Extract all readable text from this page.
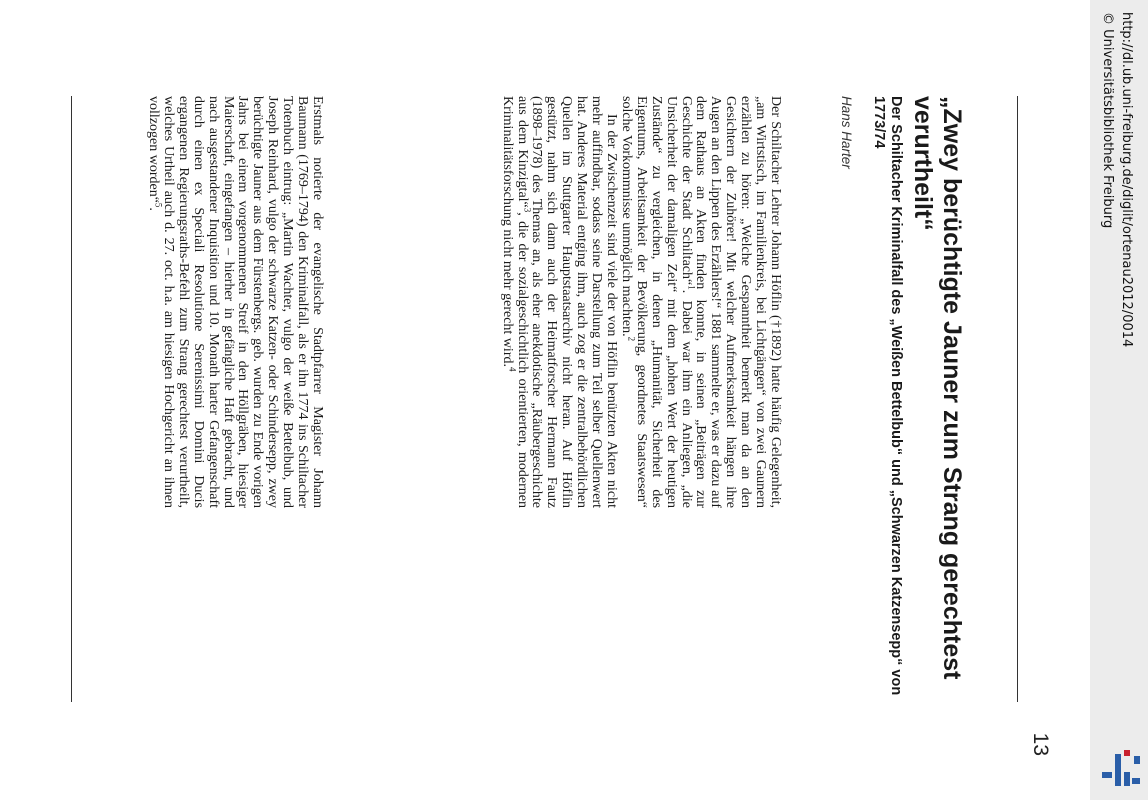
13
„Zwey berüchtigte Jauner zum Strang gerechtest verurtheilt“
Der Schiltacher Kriminalfall des „Weißen Bettelbub“ und „Schwarzen Katzensepp“ von 1773/74
Hans Harter

Der Schiltacher Lehrer Johann Höflin (†1892) hatte häufig Gelegenheit, „am Wirtstisch, im Familienkreis, bei Lichtgängen“ von zwei Gaunern erzählen zu hören: „Welche Gespanntheit bemerkt man da an den Gesichtern der Zuhörer! Mit welcher Aufmerksamkeit hängen ihre Augen an den Lippen des Erzählers!“ 1881 sammelte er, was er dazu auf dem Rathaus an Akten finden konnte, in seinen „Beiträgen zur Geschichte der Stadt Schiltach“$^1$. Dabei war ihm ein Anliegen, „die Unsicherheit der damaligen Zeit“ mit dem „hohen Wert der heutigen Zustände“ zu vergleichen, in denen „Humanität, Sicherheit des Eigentums, Arbeitsamkeit der Bevölkerung, geordnetes Staatswesen“ solche Vorkommnisse unmöglich machten.$^2$

In der Zwischenzeit sind viele der von Höflin benützten Akten nicht mehr auffindbar, sodass seine Darstellung zum Teil selber Quellenwert hat. Anderes Material entging ihm, auch zog er die zentralbehördlichen Quellen im Stuttgarter Hauptstaatsarchiv nicht heran. Auf Höflin gestützt, nahm sich dann auch der Heimatforscher Hermann Fautz (1898–1978) des Themas an, als eher anekdotische „Räubergeschichte aus dem Kinzigtal“$^3$, die der sozialgeschichtlich orientierten, modernen Kriminalitätsforschung nicht mehr gerecht wird.$^4$

Erstmals notierte der evangelische Stadtpfarrer Magister Johann Baumann (1769–1794) den Kriminalfall, als er ihn 1774 ins Schiltacher Totenbuch eintrug: „Martin Wachter, vulgo der weiße Bettelbub, und Joseph Reinhard, vulgo der schwarze Katzen- oder Schindersepp, zwey berüchtigte Jauner aus dem Fürstenbergs. geb. wurden zu Ende vorigen Jahrs bei einem vorgenommenen Streif in den Höllgräben, hiesiger Maierschaft, eingefangen – hierher in gefängliche Haft gebracht, und nach ausgestandener Inquisition und 10. Monath harter Gefangenschaft durch einen ex Speciali Resolutione Serenissimi Domini Ducis ergangenen Regierungsraths-Befehl zum Strang gerechtest verurtheilt, welches Urtheil auch d. 27. oct. h.a. am hiesigen Hochgericht an ihnen vollzogen worden“$^5$.	http://dl.ub.uni-freiburg.de/diglit/ortenau2012/0014
© Universitätsbibliothek Freiburg
